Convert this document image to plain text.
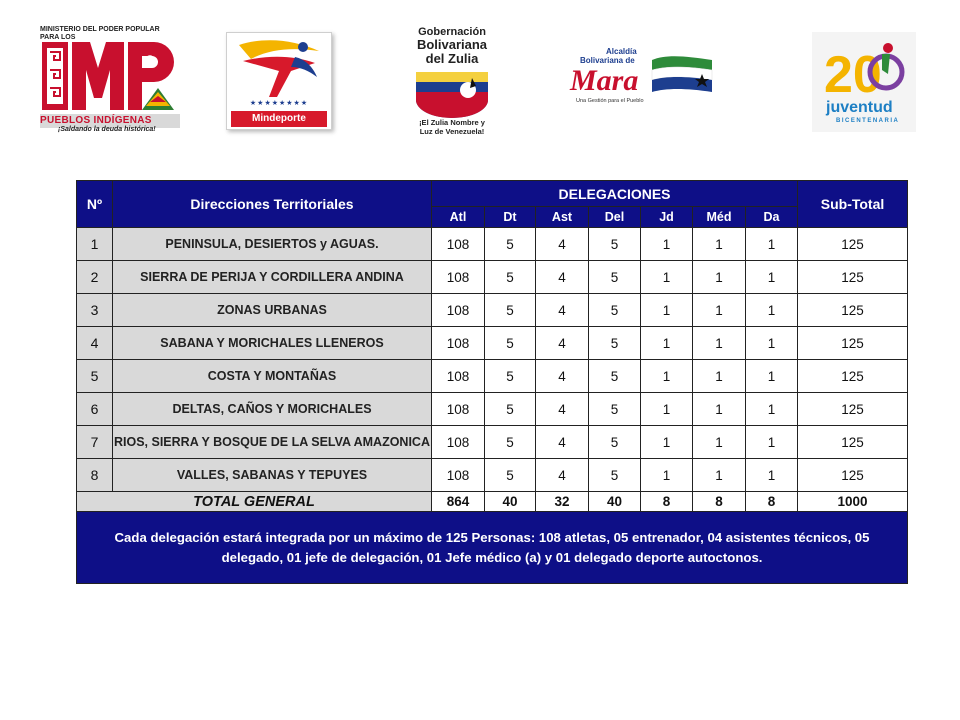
MINISTERIO DEL PODER POPULAR PARA LOS
PUEBLOS INDÍGENAS
¡Saldando la deuda histórica!
★★★★★★★★
Mindeporte
Gobernación
Bolivariana
del Zulia
¡El Zulia Nombre y
Luz de Venezuela!
Alcaldía
Bolivariana de
Mara
Una Gestión para el Pueblo	20
juventud
BICENTENARIA
Nº	Direcciones Territoriales	DELEGACIONES							Sub-Total
		Atl	Dt	Ast	Del	Jd	Méd	Da	
1	PENINSULA, DESIERTOS y AGUAS.	108	5	4	5	1	1	1	125
2	SIERRA DE PERIJA Y CORDILLERA ANDINA	108	5	4	5	1	1	1	125
3	ZONAS URBANAS	108	5	4	5	1	1	1	125
4	SABANA Y MORICHALES LLENEROS	108	5	4	5	1	1	1	125
5	COSTA Y MONTAÑAS	108	5	4	5	1	1	1	125
6	DELTAS, CAÑOS Y MORICHALES	108	5	4	5	1	1	1	125
7	RIOS, SIERRA Y BOSQUE DE LA SELVA AMAZONICA	108	5	4	5	1	1	1	125
8	VALLES, SABANAS Y TEPUYES	108	5	4	5	1	1	1	125
TOTAL GENERAL		864	40	32	40	8	8	8	1000

Cada delegación estará integrada por un máximo de 125 Personas: 108 atletas, 05 entrenador, 04 asistentes técnicos, 05 delegado, 01 jefe de delegación, 01 Jefe médico (a) y 01 delegado deporte autoctonos.									
